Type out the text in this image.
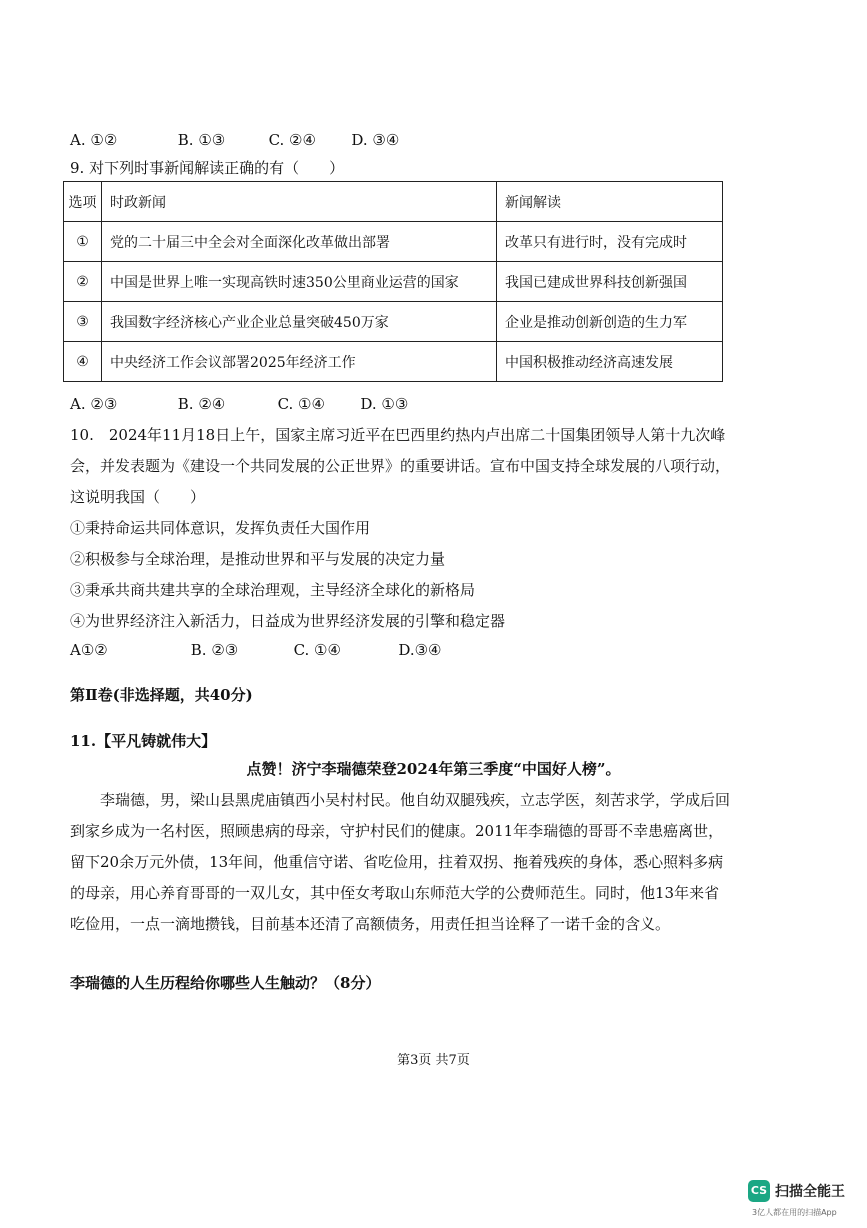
A. ①②	B. ①③	C. ②④ D. ③④
9. 对下列时事新闻解读正确的有（　　）
选项	时政新闻	新闻解读
①	党的二十届三中全会对全面深化改革做出部署	改革只有进行时，没有完成时
②	中国是世界上唯一实现高铁时速350公里商业运营的国家	我国已建成世界科技创新强国
③	我国数字经济核心产业企业总量突破450万家	企业是推动创新创造的生力军
④	中央经济工作会议部署2025年经济工作	中国积极推动经济高速发展
A. ②③	B. ②④	C. ①④ D. ①③

10.　2024年11月18日上午，国家主席习近平在巴西里约热内卢出席二十国集团领导人第十九次峰

会，并发表题为《建设一个共同发展的公正世界》的重要讲话。宣布中国支持全球发展的八项行动，

这说明我国（　　）

①秉持命运共同体意识，发挥负责任大国作用

②积极参与全球治理，是推动世界和平与发展的决定力量

③秉承共商共建共享的全球治理观，主导经济全球化的新格局

④为世界经济注入新活力，日益成为世界经济发展的引擎和稳定器

A①②	B. ②③	C. ①④	D.③④
第Ⅱ卷(非选择题，共40分)
11.【平凡铸就伟大】
点赞！济宁李瑞德荣登2024年第三季度“中国好人榜”。

　　李瑞德，男，梁山县黑虎庙镇西小吴村村民。他自幼双腿残疾，立志学医，刻苦求学，学成后回

到家乡成为一名村医，照顾患病的母亲，守护村民们的健康。2011年李瑞德的哥哥不幸患癌离世，

留下20余万元外债，13年间，他重信守诺、省吃俭用，拄着双拐、拖着残疾的身体，悉心照料多病

的母亲，用心养育哥哥的一双儿女，其中侄女考取山东师范大学的公费师范生。同时，他13年来省

吃俭用，一点一滴地攒钱，目前基本还清了高额债务，用责任担当诠释了一诺千金的含义。

李瑞德的人生历程给你哪些人生触动？（8分）
第3页 共7页
CS 扫描全能王
3亿人都在用的扫描App
